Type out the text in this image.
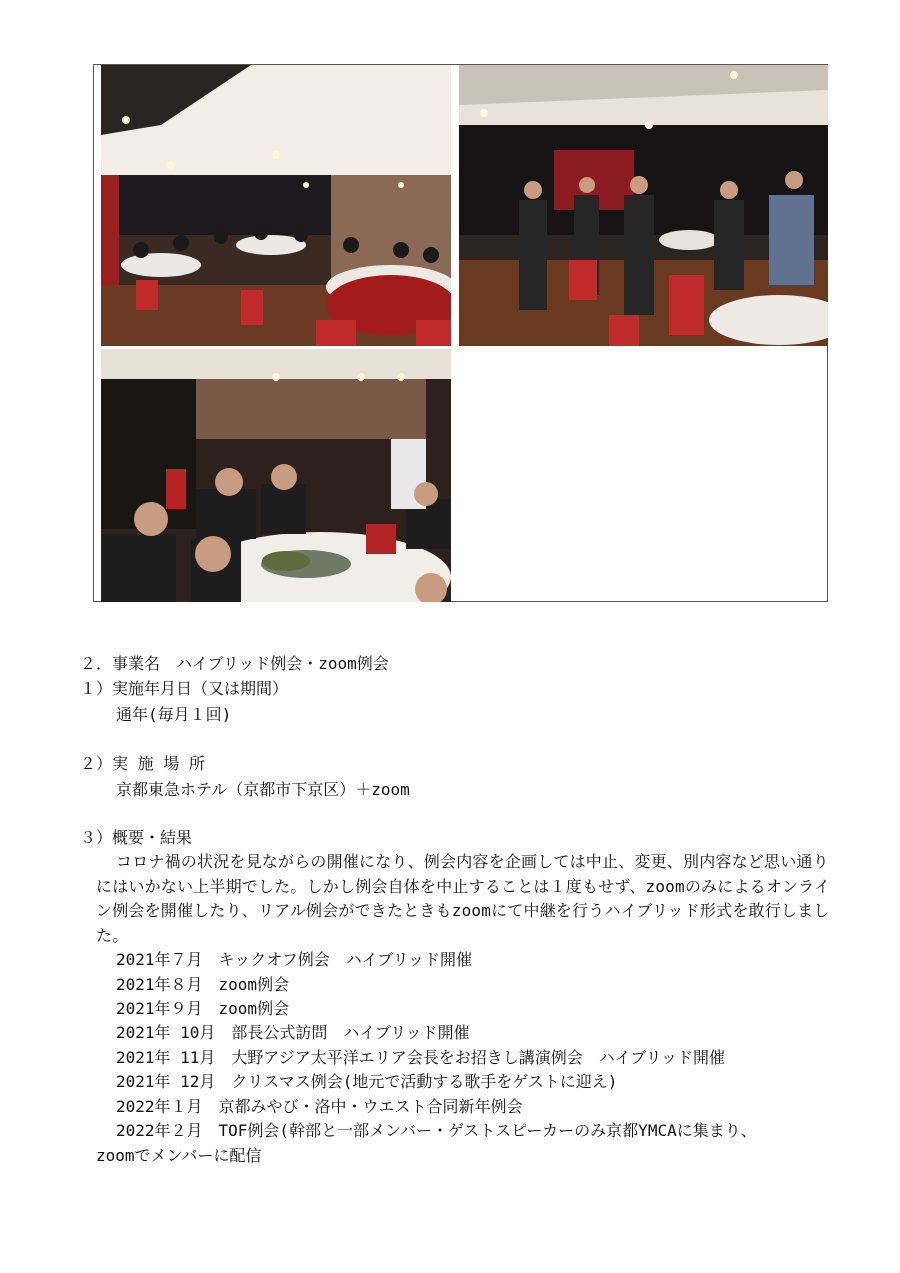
２．事業名　ハイブリッド例会・zoom例会
１）実施年月日（又は期間）
通年(毎月１回)
２）実 施 場 所
京都東急ホテル（京都市下京区）＋zoom
３）概要・結果
コロナ禍の状況を見ながらの開催になり、例会内容を企画しては中止、変更、別内容など思い通りにはいかない上半期でした。しかし例会自体を中止することは１度もせず、zoomのみによるオンライン例会を開催したり、リアル例会ができたときもzoomにて中継を行うハイブリッド形式を敢行しました。
2021年７月　キックオフ例会　ハイブリッド開催
2021年８月　zoom例会
2021年９月　zoom例会
2021年 10月　部長公式訪問　ハイブリッド開催
2021年 11月　大野アジア太平洋エリア会長をお招きし講演例会　ハイブリッド開催
2021年 12月　クリスマス例会(地元で活動する歌手をゲストに迎え)
2022年１月　京都みやび・洛中・ウエスト合同新年例会
2022年２月　TOF例会(幹部と一部メンバー・ゲストスピーカーのみ京都YMCAに集まり、
zoomでメンバーに配信
